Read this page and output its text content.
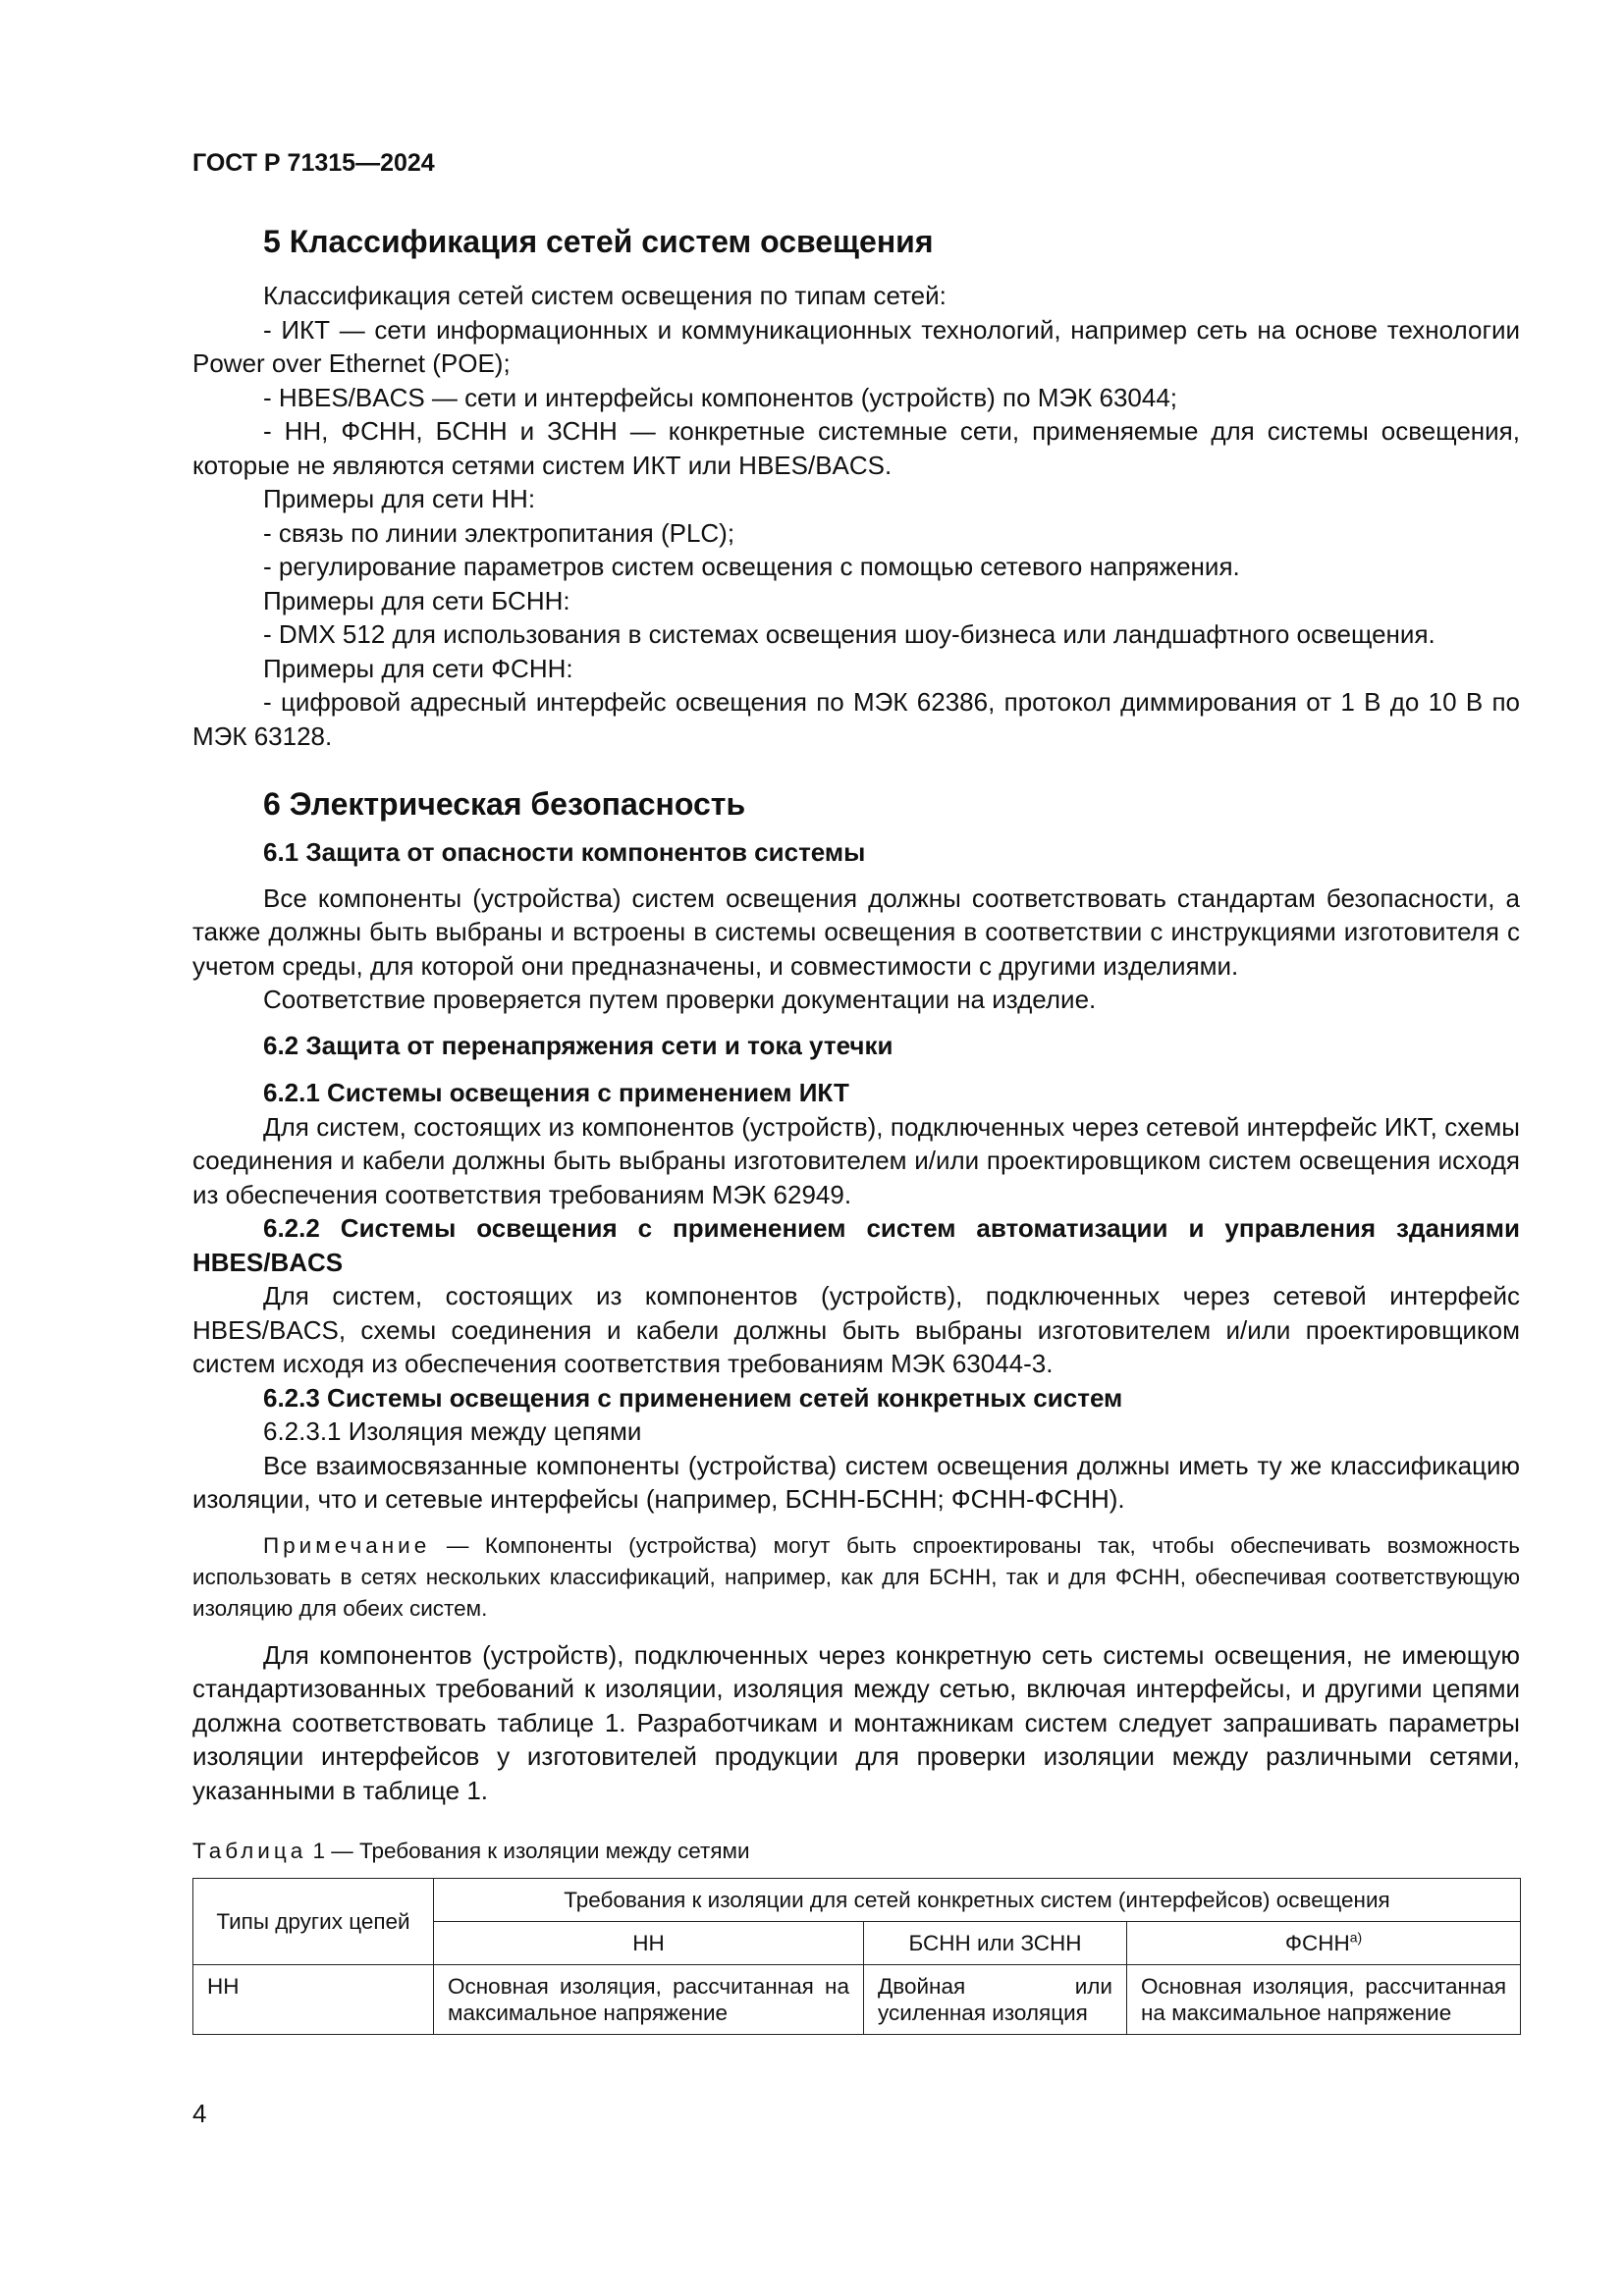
ГОСТ Р 71315—2024
5 Классификация сетей систем освещения

Классификация сетей систем освещения по типам сетей:

- ИКТ — сети информационных и коммуникационных технологий, например сеть на основе технологии Power over Ethernet (POE);

- HBES/BACS — сети и интерфейсы компонентов (устройств) по МЭК 63044;

- НН, ФСНН, БСНН и ЗСНН — конкретные системные сети, применяемые для системы освещения, которые не являются сетями систем ИКТ или HBES/BACS.

Примеры для сети НН:

- связь по линии электропитания (PLC);

- регулирование параметров систем освещения с помощью сетевого напряжения.

Примеры для сети БСНН:

- DMX 512 для использования в системах освещения шоу-бизнеса или ландшафтного освещения.

Примеры для сети ФСНН:

- цифровой адресный интерфейс освещения по МЭК 62386, протокол диммирования от 1 В до 10 В по МЭК 63128.

6 Электрическая безопасность
6.1 Защита от опасности компонентов системы

Все компоненты (устройства) систем освещения должны соответствовать стандартам безопасности, а также должны быть выбраны и встроены в системы освещения в соответствии с инструкциями изготовителя с учетом среды, для которой они предназначены, и совместимости с другими изделиями.

Соответствие проверяется путем проверки документации на изделие.

6.2 Защита от перенапряжения сети и тока утечки
6.2.1 Системы освещения с применением ИКТ

Для систем, состоящих из компонентов (устройств), подключенных через сетевой интерфейс ИКТ, схемы соединения и кабели должны быть выбраны изготовителем и/или проектировщиком систем освещения исходя из обеспечения соответствия требованиям МЭК 62949.

6.2.2 Системы освещения с применением систем автоматизации и управления зданиями HBES/BACS

Для систем, состоящих из компонентов (устройств), подключенных через сетевой интерфейс HBES/BACS, схемы соединения и кабели должны быть выбраны изготовителем и/или проектировщиком систем исходя из обеспечения соответствия требованиям МЭК 63044-3.

6.2.3 Системы освещения с применением сетей конкретных систем

6.2.3.1 Изоляция между цепями

Все взаимосвязанные компоненты (устройства) систем освещения должны иметь ту же классификацию изоляции, что и сетевые интерфейсы (например, БСНН-БСНН; ФСНН-ФСНН).

Примечание — Компоненты (устройства) могут быть спроектированы так, чтобы обеспечивать возможность использовать в сетях нескольких классификаций, например, как для БСНН, так и для ФСНН, обеспечивая соответствующую изоляцию для обеих систем.

Для компонентов (устройств), подключенных через конкретную сеть системы освещения, не имеющую стандартизованных требований к изоляции, изоляция между сетью, включая интерфейсы, и другими цепями должна соответствовать таблице 1. Разработчикам и монтажникам систем следует запрашивать параметры изоляции интерфейсов у изготовителей продукции для проверки изоляции между различными сетями, указанными в таблице 1.

Таблица 1 — Требования к изоляции между сетями

Типы других цепей	Требования к изоляции для сетей конкретных систем (интерфейсов) освещения		
	НН	БСНН или ЗСНН	$ФСНН^{а)}$
НН	Основная изоляция, рассчитанная на максимальное напряжение	Двойная или усиленная изоляция	Основная изоляция, рассчитанная на максимальное напряжение
4
